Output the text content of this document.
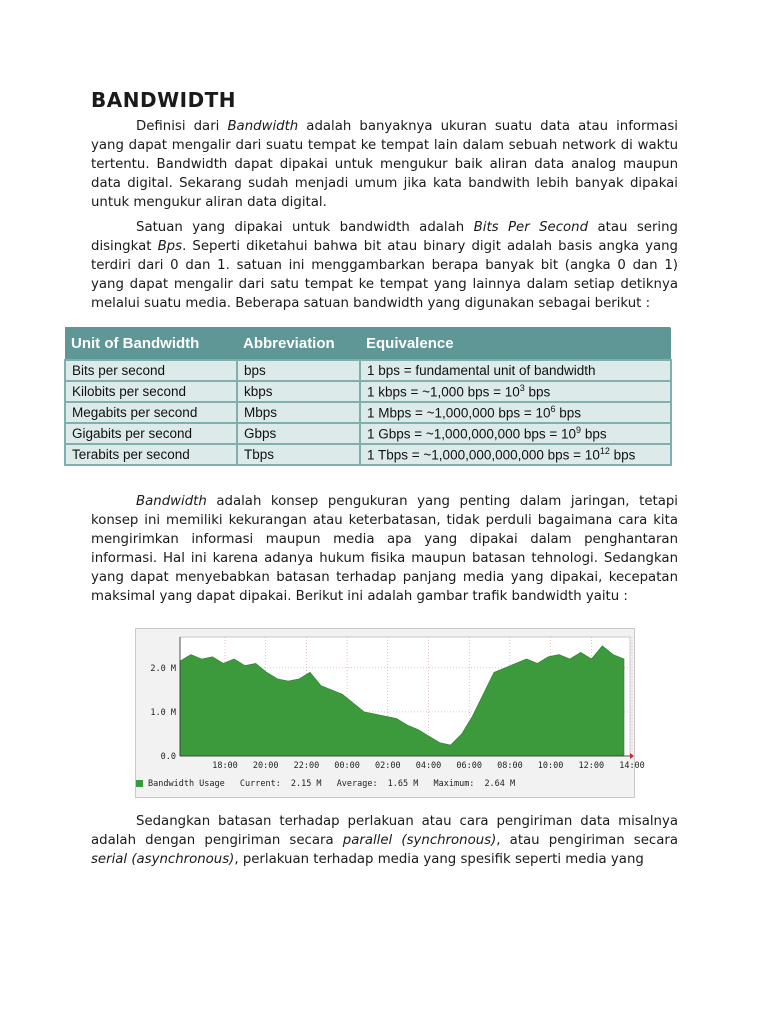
BANDWIDTH

Definisi dari Bandwidth adalah banyaknya ukuran suatu data atau informasi yang dapat mengalir dari suatu tempat ke tempat lain dalam sebuah network di waktu tertentu. Bandwidth dapat dipakai untuk mengukur baik aliran data analog maupun data digital. Sekarang sudah menjadi umum jika kata bandwith lebih banyak dipakai untuk mengukur aliran data digital.

Satuan yang dipakai untuk bandwidth adalah Bits Per Second atau sering disingkat Bps. Seperti diketahui bahwa bit atau binary digit adalah basis angka yang terdiri dari 0 dan 1. satuan ini menggambarkan berapa banyak bit (angka 0 dan 1) yang dapat mengalir dari satu tempat ke tempat yang lainnya dalam setiap detiknya melalui suatu media. Beberapa satuan bandwidth yang digunakan sebagai berikut :

Unit of Bandwidth	Abbreviation	Equivalence
Bits per second	bps	1 bps = fundamental unit of bandwidth
Kilobits per second	kbps	1 kbps = ~1,000 bps = $10^3$ bps
Megabits per second	Mbps	1 Mbps = ~1,000,000 bps = $10^6$ bps
Gigabits per second	Gbps	1 Gbps = ~1,000,000,000 bps = $10^9$ bps
Terabits per second	Tbps	1 Tbps = ~1,000,000,000,000 bps = $10^{12}$ bps

Bandwidth adalah konsep pengukuran yang penting dalam jaringan, tetapi konsep ini memiliki kekurangan atau keterbatasan, tidak perduli bagaimana cara kita mengirimkan informasi maupun media apa yang dipakai dalam penghantaran informasi. Hal ini karena adanya hukum fisika maupun batasan tehnologi. Sedangkan yang dapat menyebabkan batasan terhadap panjang media yang dipakai, kecepatan maksimal yang dapat dipakai. Berikut ini adalah gambar trafik bandwidth yaitu :

2.0 M
1.0 M
0.0
18:00 20:00 22:00 00:00 02:00 04:00 06:00 08:00 10:00 12:00 14:00
Bandwidth Usage Current: 2.15 M Average: 1.65 M Maximum: 2.64 M

Sedangkan batasan terhadap perlakuan atau cara pengiriman data misalnya adalah dengan pengiriman secara parallel (synchronous), atau pengiriman secara serial (asynchronous), perlakuan terhadap media yang spesifik seperti media yang
